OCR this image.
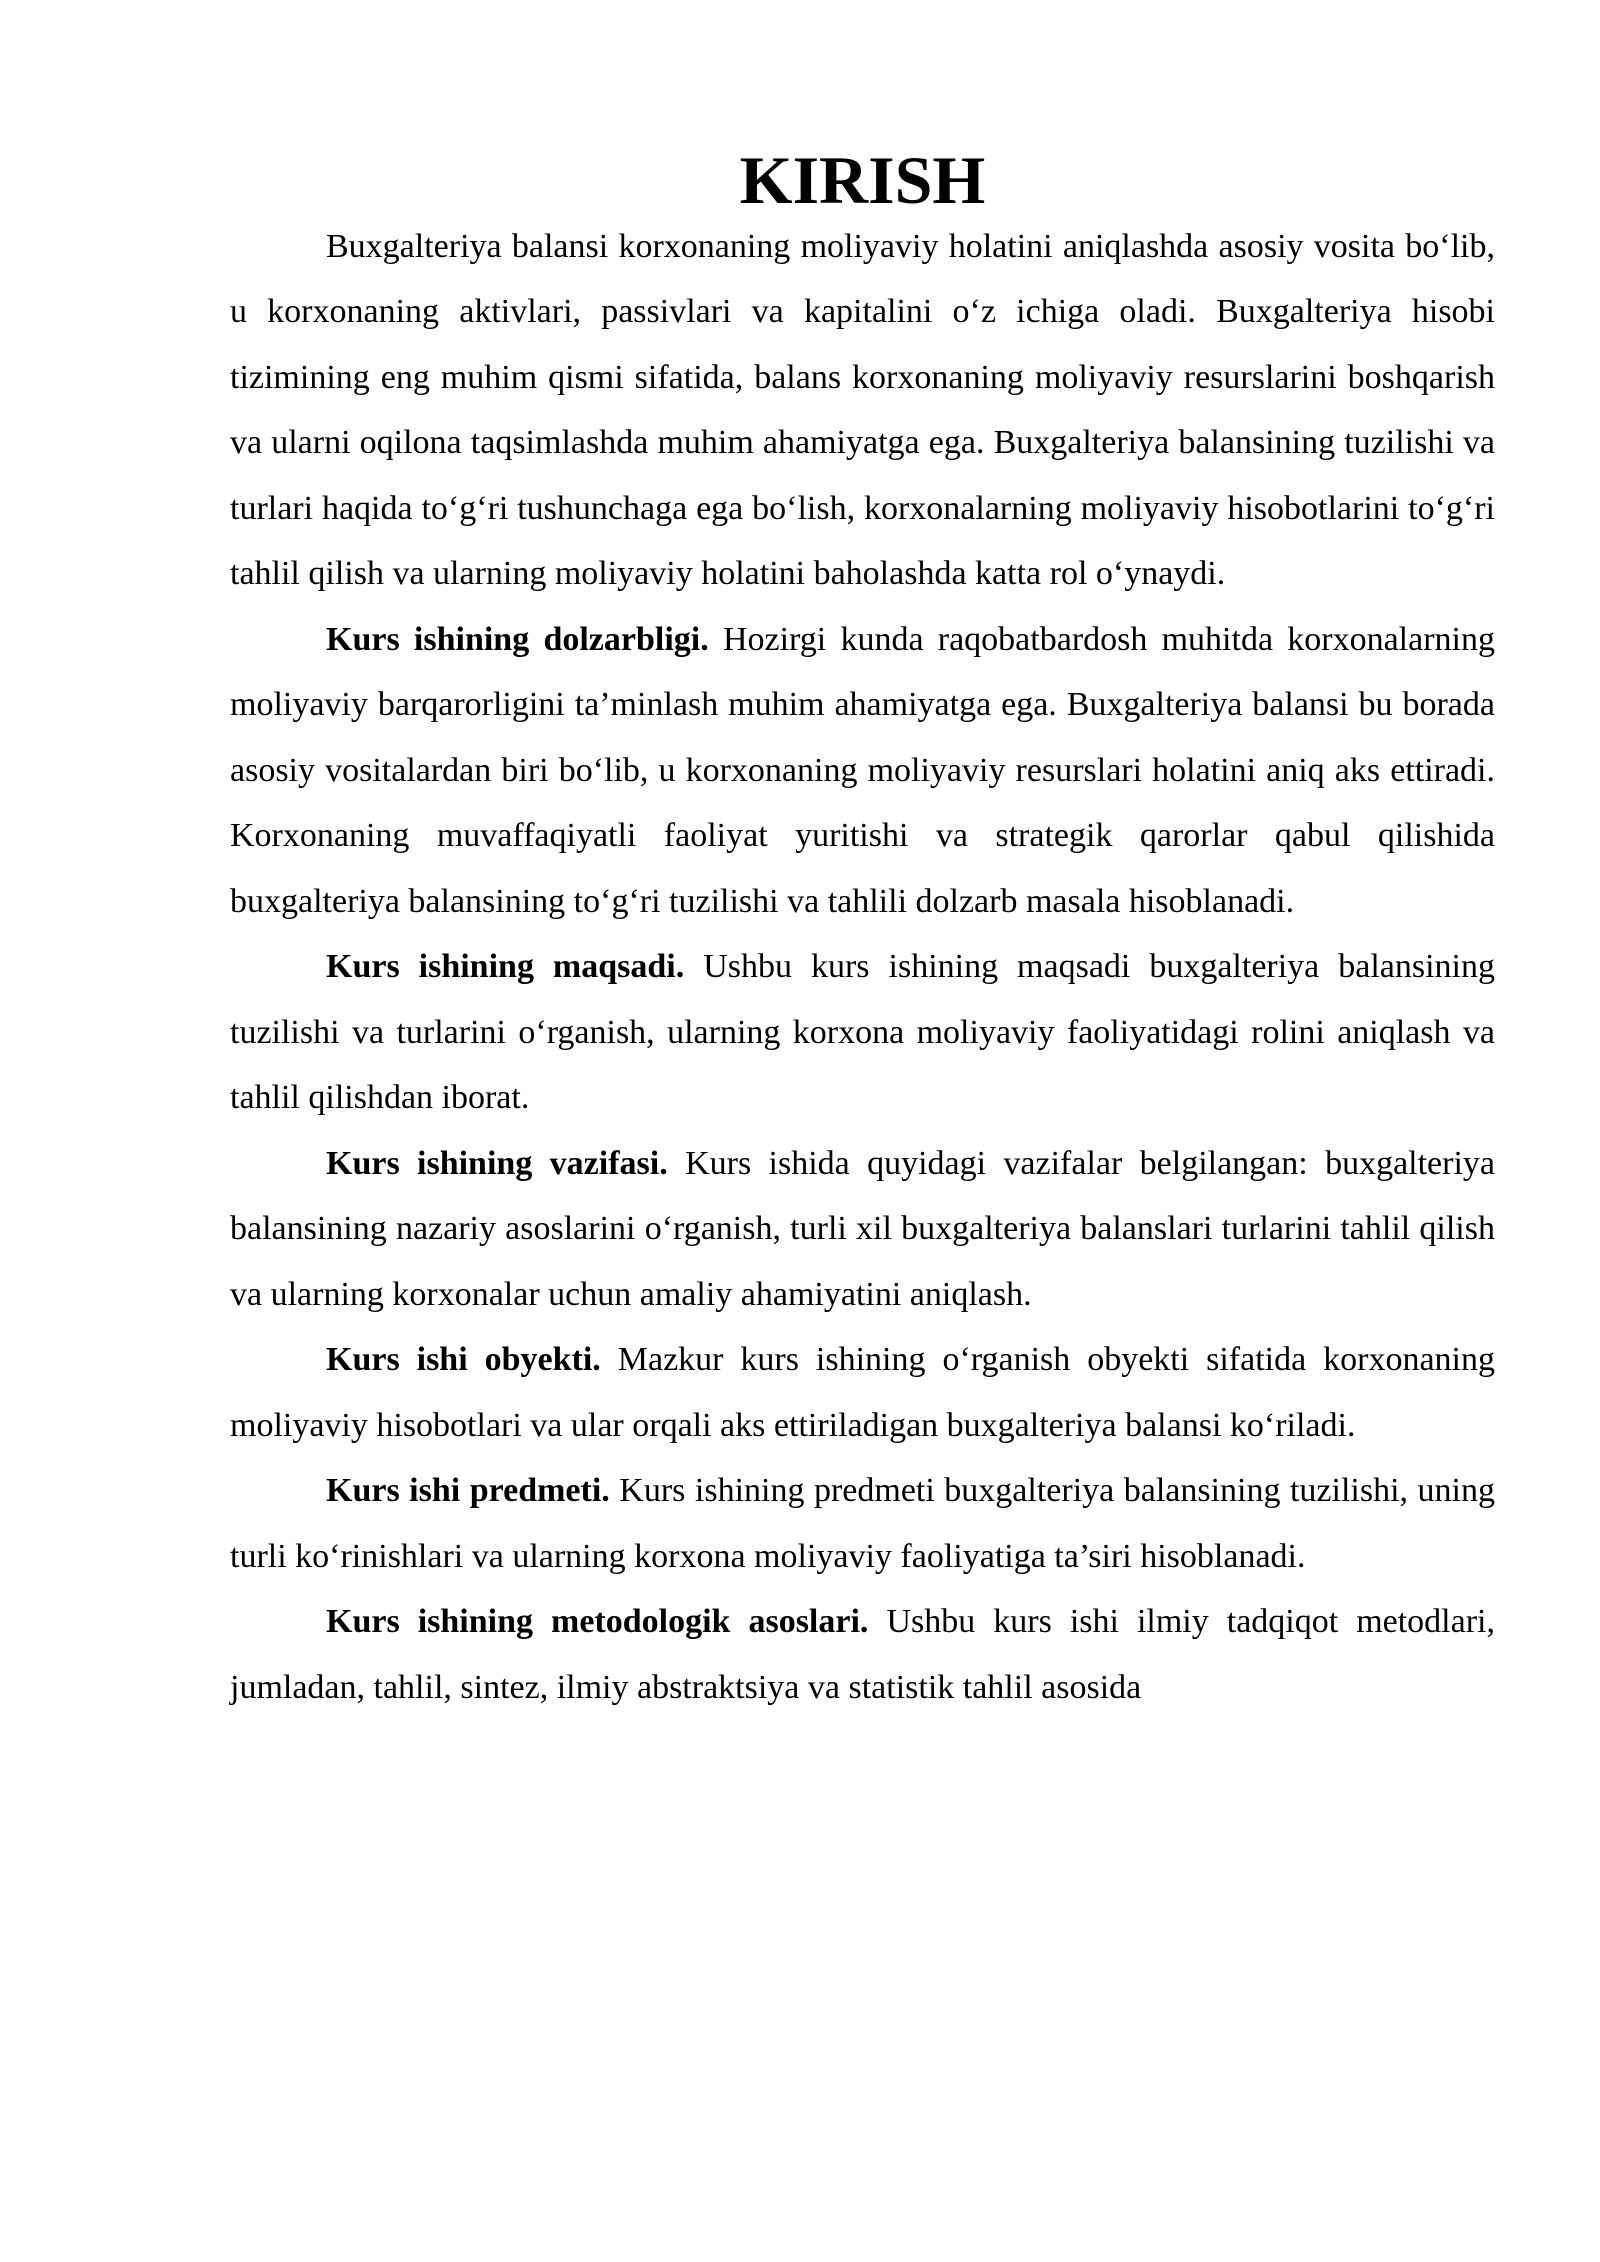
KIRISH

Buxgalteriya balansi korxonaning moliyaviy holatini aniqlashda asosiy vosita bo‘lib, u korxonaning aktivlari, passivlari va kapitalini o‘z ichiga oladi. Buxgalteriya hisobi tizimining eng muhim qismi sifatida, balans korxonaning moliyaviy resurslarini boshqarish va ularni oqilona taqsimlashda muhim ahamiyatga ega. Buxgalteriya balansining tuzilishi va turlari haqida to‘g‘ri tushunchaga ega bo‘lish, korxonalarning moliyaviy hisobotlarini to‘g‘ri tahlil qilish va ularning moliyaviy holatini baholashda katta rol o‘ynaydi.

Kurs ishining dolzarbligi. Hozirgi kunda raqobatbardosh muhitda korxonalarning moliyaviy barqarorligini ta’minlash muhim ahamiyatga ega. Buxgalteriya balansi bu borada asosiy vositalardan biri bo‘lib, u korxonaning moliyaviy resurslari holatini aniq aks ettiradi. Korxonaning muvaffaqiyatli faoliyat yuritishi va strategik qarorlar qabul qilishida buxgalteriya balansining to‘g‘ri tuzilishi va tahlili dolzarb masala hisoblanadi.

Kurs ishining maqsadi. Ushbu kurs ishining maqsadi buxgalteriya balansining tuzilishi va turlarini o‘rganish, ularning korxona moliyaviy faoliyatidagi rolini aniqlash va tahlil qilishdan iborat.

Kurs ishining vazifasi. Kurs ishida quyidagi vazifalar belgilangan: buxgalteriya balansining nazariy asoslarini o‘rganish, turli xil buxgalteriya balanslari turlarini tahlil qilish va ularning korxonalar uchun amaliy ahamiyatini aniqlash.

Kurs ishi obyekti. Mazkur kurs ishining o‘rganish obyekti sifatida korxonaning moliyaviy hisobotlari va ular orqali aks ettiriladigan buxgalteriya balansi ko‘riladi.

Kurs ishi predmeti. Kurs ishining predmeti buxgalteriya balansining tuzilishi, uning turli ko‘rinishlari va ularning korxona moliyaviy faoliyatiga ta’siri hisoblanadi.

Kurs ishining metodologik asoslari. Ushbu kurs ishi ilmiy tadqiqot metodlari, jumladan, tahlil, sintez, ilmiy abstraktsiya va statistik tahlil asosida
